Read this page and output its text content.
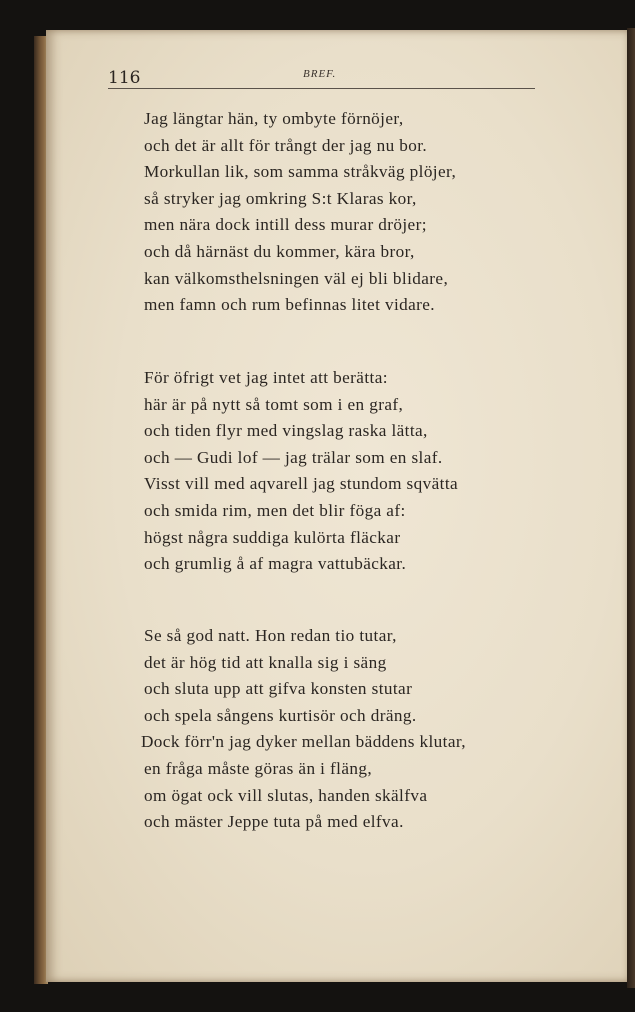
116	BREF.
Jag längtar hän, ty ombyte förnöjer,
och det är allt för trångt der jag nu bor.
Morkullan lik, som samma stråkväg plöjer,
så stryker jag omkring S:t Klaras kor,
men nära dock intill dess murar dröjer;
och då härnäst du kommer, kära bror,
kan välkomsthelsningen väl ej bli blidare,
men famn och rum befinnas litet vidare.
För öfrigt vet jag intet att berätta:
här är på nytt så tomt som i en graf,
och tiden flyr med vingslag raska lätta,
och — Gudi lof — jag trälar som en slaf.
Visst vill med aqvarell jag stundom sqvätta
och smida rim, men det blir föga af:
högst några suddiga kulörta fläckar
och grumlig å af magra vattubäckar.
Se så god natt. Hon redan tio tutar,
det är hög tid att knalla sig i säng
och sluta upp att gifva konsten stutar
och spela sångens kurtisör och dräng.
Dock förr'n jag dyker mellan bäddens klutar,
en fråga måste göras än i fläng,
om ögat ock vill slutas, handen skälfva
och mäster Jeppe tuta på med elfva.
